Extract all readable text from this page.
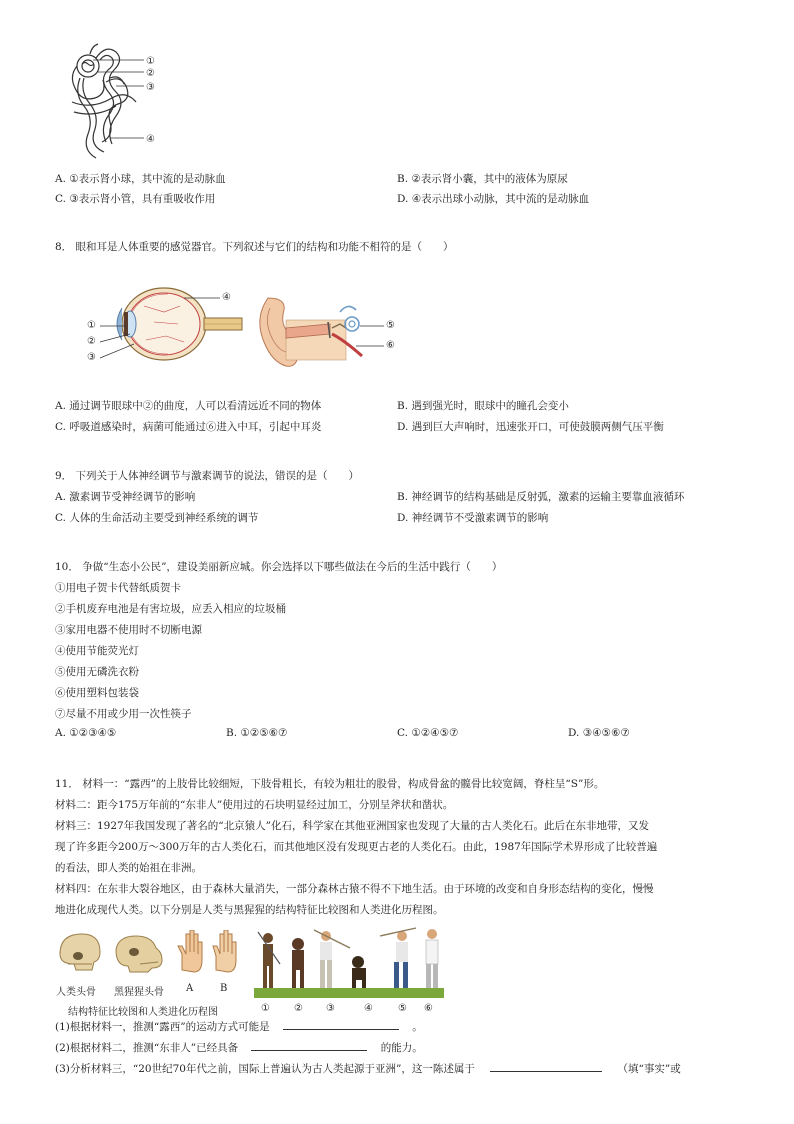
①
②
③
④
A. ①表示肾小球，其中流的是动脉血	B. ②表示肾小囊，其中的液体为原尿
C. ③表示肾小管，具有重吸收作用	D. ④表示出球小动脉，其中流的是动脉血
8． 眼和耳是人体重要的感觉器官。下列叙述与它们的结构和功能不相符的是（　　）
①
②
③
④
⑤
⑥
A. 通过调节眼球中②的曲度，人可以看清远近不同的物体	B. 遇到强光时，眼球中的瞳孔会变小
C. 呼吸道感染时，病菌可能通过⑥进入中耳，引起中耳炎	D. 遇到巨大声响时，迅速张开口，可使鼓膜两侧气压平衡
9． 下列关于人体神经调节与激素调节的说法，错误的是（　　）
A. 激素调节受神经调节的影响	B. 神经调节的结构基础是反射弧，激素的运输主要靠血液循环
C. 人体的生命活动主要受到神经系统的调节	D. 神经调节不受激素调节的影响
10． 争做“生态小公民”，建设美丽新应城。你会选择以下哪些做法在今后的生活中践行（　　）
①用电子贺卡代替纸质贺卡
②手机废弃电池是有害垃圾，应丢入相应的垃圾桶
③家用电器不使用时不切断电源
④使用节能荧光灯
⑤使用无磷洗衣粉
⑥使用塑料包装袋
⑦尽量不用或少用一次性筷子
A. ①②③④⑤	B. ①②⑤⑥⑦	C. ①②④⑤⑦	D. ③④⑤⑥⑦
11． 材料一：“露西”的上肢骨比较细短，下肢骨粗长，有较为粗壮的股骨，构成骨盆的髋骨比较宽阔，脊柱呈“S”形。
材料二：距今175万年前的“东非人”使用过的石块明显经过加工，分别呈斧状和凿状。
材料三：1927年我国发现了著名的“北京猿人”化石，科学家在其他亚洲国家也发现了大量的古人类化石。此后在东非地带，又发
现了许多距今200万～300万年的古人类化石，而其他地区没有发现更古老的人类化石。由此，1987年国际学术界形成了比较普遍
的看法，即人类的始祖在非洲。
材料四：在东非大裂谷地区，由于森林大量消失，一部分森林古猿不得不下地生活。由于环境的改变和自身形态结构的变化，慢慢
地进化成现代人类。以下分别是人类与黑猩猩的结构特征比较图和人类进化历程图。
人类头骨 黑猩猩头骨 A	B
① ② ③	④	⑤ ⑥
结构特征比较图和人类进化历程图
(1)根据材料一，推测“露西”的运动方式可能是	。
(2)根据材料二，推测“东非人”已经具备	的能力。
(3)分析材料三，“20世纪70年代之前，国际上普遍认为古人类起源于亚洲”，这一陈述属于	（填“事实”或
